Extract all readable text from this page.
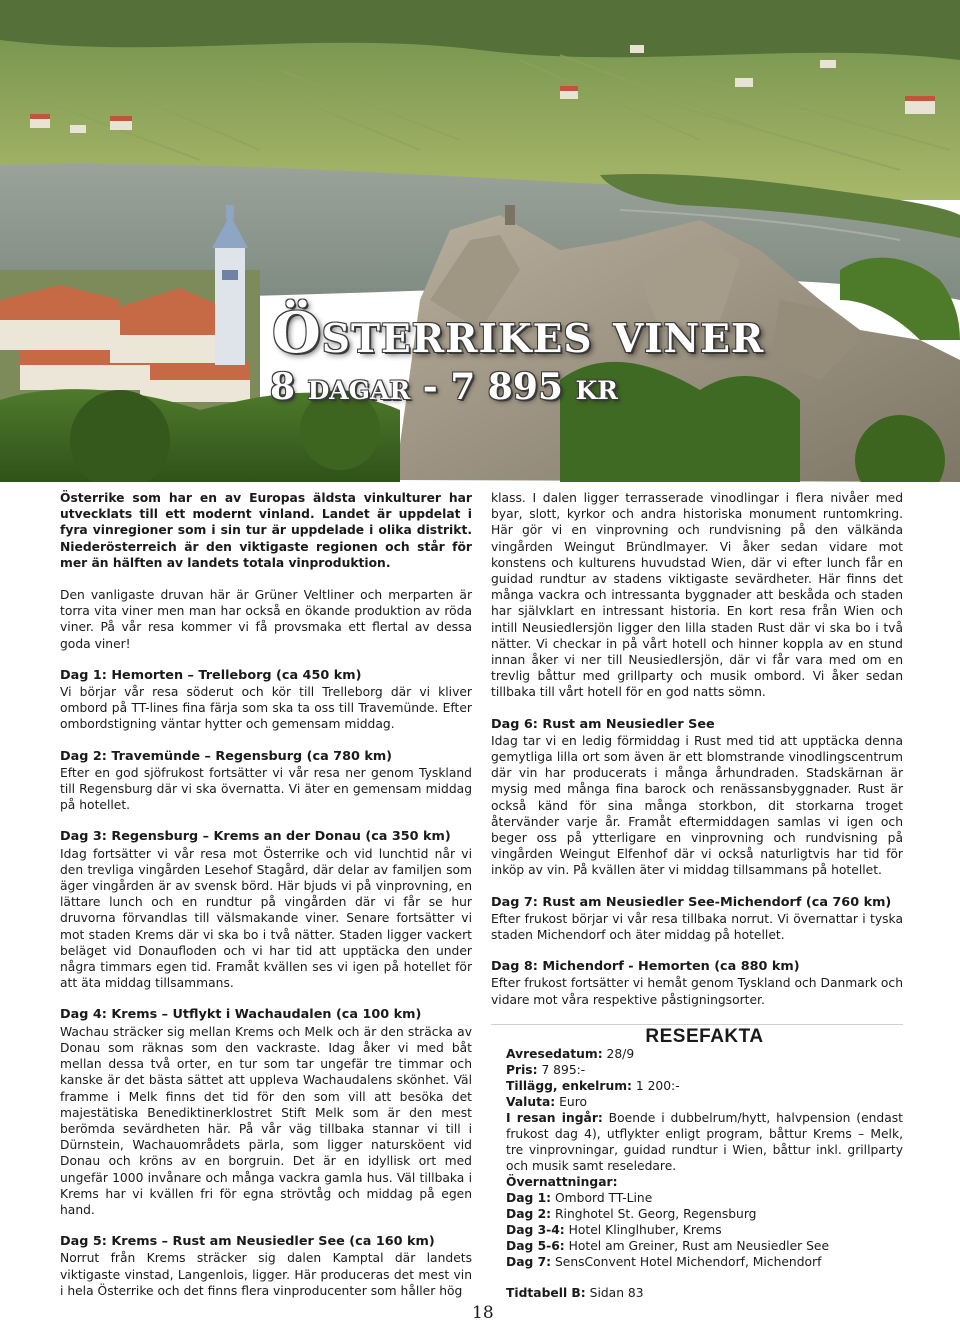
Österrikes viner
8 dagar - 7 895 kr

Österrike som har en av Europas äldsta vinkulturer har utvecklats till ett modernt vinland. Landet är uppdelat i fyra vinregioner som i sin tur är uppdelade i olika distrikt. Niederösterreich är den viktigaste regionen och står för mer än hälften av landets totala vinproduktion.

Den vanligaste druvan här är Grüner Veltliner och merparten är torra vita viner men man har också en ökande produktion av röda viner. På vår resa kommer vi få provsmaka ett flertal av dessa goda viner!

Dag 1: Hemorten – Trelleborg (ca 450 km)

Vi börjar vår resa söderut och kör till Trelleborg där vi kliver ombord på TT-lines fina färja som ska ta oss till Travemünde. Efter ombordstigning väntar hytter och gemensam middag.

Dag 2: Travemünde – Regensburg (ca 780 km)

Efter en god sjöfrukost fortsätter vi vår resa ner genom Tyskland till Regensburg där vi ska övernatta. Vi äter en gemensam middag på hotellet.

Dag 3: Regensburg – Krems an der Donau (ca 350 km)

Idag fortsätter vi vår resa mot Österrike och vid lunchtid når vi den trevliga vingården Lesehof Stagård, där delar av familjen som äger vingården är av svensk börd. Här bjuds vi på vinprovning, en lättare lunch och en rundtur på vingården där vi får se hur druvorna förvandlas till välsmakande viner. Senare fortsätter vi mot staden Krems där vi ska bo i två nätter. Staden ligger vackert beläget vid Donaufloden och vi har tid att upptäcka den under några timmars egen tid. Framåt kvällen ses vi igen på hotellet för att äta middag tillsammans.

Dag 4: Krems – Utflykt i Wachaudalen (ca 100 km)

Wachau sträcker sig mellan Krems och Melk och är den sträcka av Donau som räknas som den vackraste. Idag åker vi med båt mellan dessa två orter, en tur som tar ungefär tre timmar och kanske är det bästa sättet att uppleva Wachaudalens skönhet. Väl framme i Melk finns det tid för den som vill att besöka det majestätiska Benediktinerklostret Stift Melk som är den mest berömda sevärdheten här. På vår väg tillbaka stannar vi till i Dürnstein, Wachauområdets pärla, som ligger natursköent vid Donau och kröns av en borgruin. Det är en idyllisk ort med ungefär 1000 invånare och många vackra gamla hus. Väl tillbaka i Krems har vi kvällen fri för egna strövtåg och middag på egen hand.

Dag 5: Krems – Rust am Neusiedler See (ca 160 km)

Norrut från Krems sträcker sig dalen Kamptal där landets viktigaste vinstad, Langenlois, ligger. Här produceras det mest vin i hela Österrike och det finns flera vinproducenter som håller hög

klass. I dalen ligger terrasserade vinodlingar i flera nivåer med byar, slott, kyrkor och andra historiska monument runtomkring. Här gör vi en vinprovning och rundvisning på den välkända vingården Weingut Bründlmayer. Vi åker sedan vidare mot konstens och kulturens huvudstad Wien, där vi efter lunch får en guidad rundtur av stadens viktigaste sevärdheter. Här finns det många vackra och intressanta byggnader att beskåda och staden har självklart en intressant historia. En kort resa från Wien och intill Neusiedlersjön ligger den lilla staden Rust där vi ska bo i två nätter. Vi checkar in på vårt hotell och hinner koppla av en stund innan åker vi ner till Neusiedlersjön, där vi får vara med om en trevlig båttur med grillparty och musik ombord. Vi åker sedan tillbaka till vårt hotell för en god natts sömn.

Dag 6: Rust am Neusiedler See

Idag tar vi en ledig förmiddag i Rust med tid att upptäcka denna gemytliga lilla ort som även är ett blomstrande vinodlingscentrum där vin har producerats i många århundraden. Stadskärnan är mysig med många fina barock och renässansbyggnader. Rust är också känd för sina många storkbon, dit storkarna troget återvänder varje år. Framåt eftermiddagen samlas vi igen och beger oss på ytterligare en vinprovning och rundvisning på vingården Weingut Elfenhof där vi också naturligtvis har tid för inköp av vin. På kvällen äter vi middag tillsammans på hotellet.

Dag 7: Rust am Neusiedler See-Michendorf (ca 760 km)

Efter frukost börjar vi vår resa tillbaka norrut. Vi övernattar i tyska staden Michendorf och äter middag på hotellet.

Dag 8: Michendorf - Hemorten (ca 880 km)

Efter frukost fortsätter vi hemåt genom Tyskland och Danmark och vidare mot våra respektive påstigningsorter.

RESEFAKTA
Avresedatum: 28/9
Pris: 7 895:-
Tillägg, enkelrum: 1 200:-
Valuta: Euro
I resan ingår: Boende i dubbelrum/hytt, halvpension (endast frukost dag 4), utflykter enligt program, båttur Krems – Melk, tre vinprovningar, guidad rundtur i Wien, båttur inkl. grillparty och musik samt reseledare.
Övernattningar:
Dag 1: Ombord TT-Line
Dag 2: Ringhotel St. Georg, Regensburg
Dag 3-4: Hotel Klinglhuber, Krems
Dag 5-6: Hotel am Greiner, Rust am Neusiedler See
Dag 7: SensConvent Hotel Michendorf, Michendorf
Tidtabell B: Sidan 83
18
